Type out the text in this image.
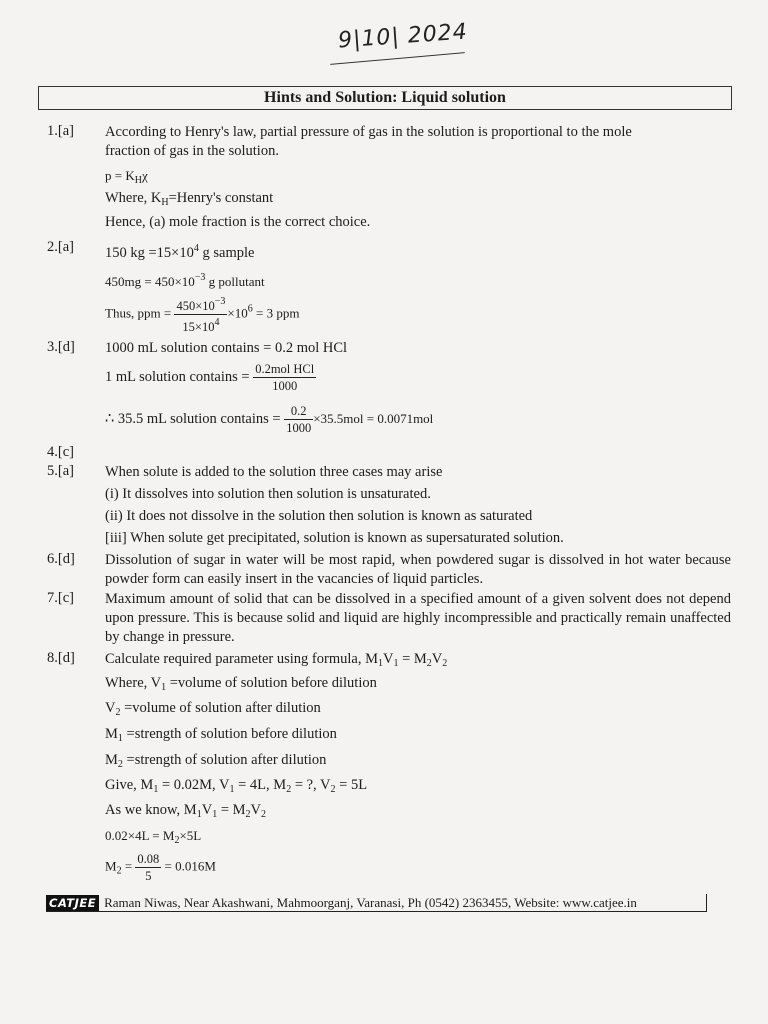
9|10| 2024
Hints and Solution: Liquid solution
1.[a] According to Henry's law, partial pressure of gas in the solution is proportional to the mole
fraction of gas in the solution.
$p = K_H\chi$
Where, $K_H=Henry's$ constant
Hence, (a) mole fraction is the correct choice.
2.[a] 150 kg $=15\times 10^4$ g sample
$450mg = 450\times 10^{-3}$ g pollutant
Thus, ppm = $\frac{450\times 10^{-3}}{15\times 10^4} \times 10^6 = 3$ ppm
3.[d] 1000 mL solution contains = 0.2 mol HCl
1 mL solution contains = $\frac{\text{0.2mol HCl}}{1000}$
∴ 35.5 mL solution contains = $\frac{0.2}{1000} \times 35.5mol = 0.0071mol$
4.[c]
5.[a] When solute is added to the solution three cases may arise
(i) It dissolves into solution then solution is unsaturated.
(ii) It does not dissolve in the solution then solution is known as saturated
[iii] When solute get precipitated, solution is known as supersaturated solution.
6.[d] Dissolution of sugar in water will be most rapid, when powdered sugar is dissolved in hot water because powder form can easily insert in the vacancies of liquid particles.
7.[c] Maximum amount of solid that can be dissolved in a specified amount of a given solvent does not depend upon pressure. This is because solid and liquid are highly incompressible and practically remain unaffected by change in pressure.
8.[d] Calculate required parameter using formula, $M_1V_1 = M_2V_2$
Where, $V_1$ =volume of solution before dilution
$V_2$ =volume of solution after dilution
$M_1$ =strength of solution before dilution
$M_2$ =strength of solution after dilution
Give, $M_1 = 0.02M$, $V_1 = 4L$, $M_2$ = ?, $V_2 = 5L$
As we know, $M_1V_1 = M_2V_2$
$0.02\times 4L = M_2\times 5L$
$M_2 = \frac{0.08}{5} = 0.016M$
CATJEE Raman Niwas, Near Akashwani, Mahmoorganj, Varanasi, Ph (0542) 2363455, Website: www.catjee.in
